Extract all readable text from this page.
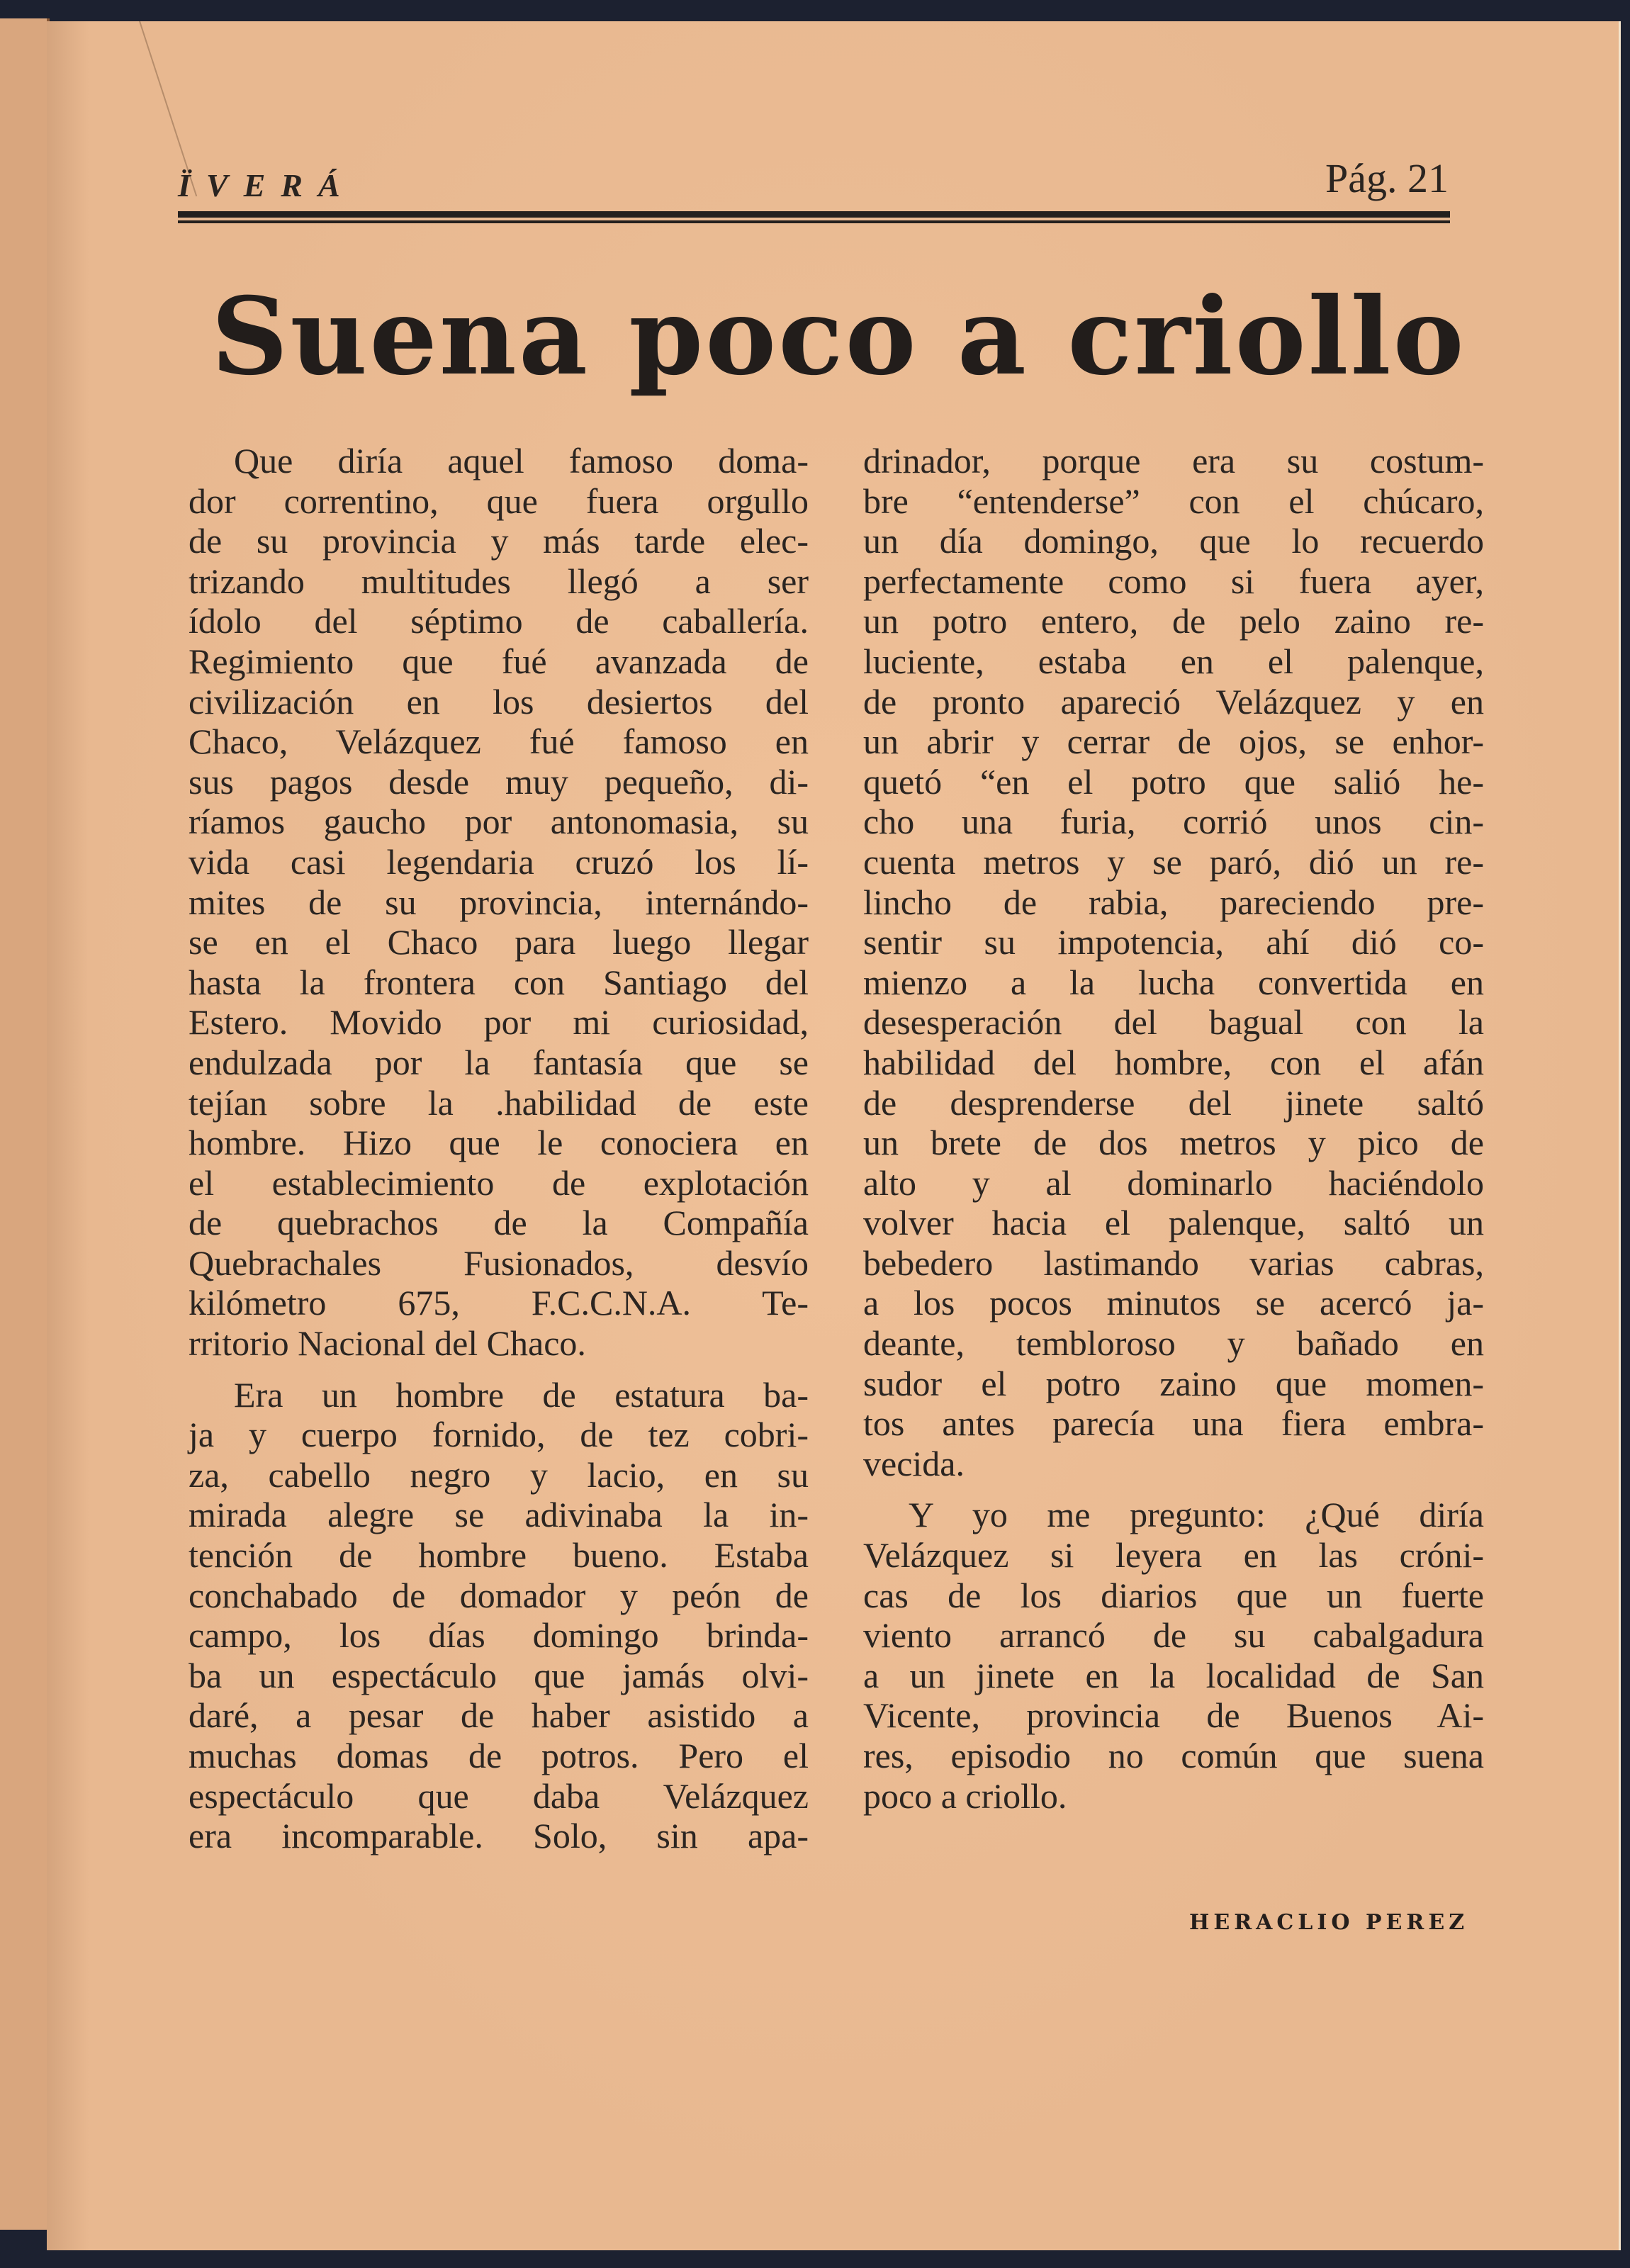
ÏVERÁ	Pág. 21
Suena poco a criollo
Que diría aquel famoso doma-
dor correntino, que fuera orgullo
de su provincia y más tarde elec-
trizando multitudes llegó a ser
ídolo del séptimo de caballería.
Regimiento que fué avanzada de
civilización en los desiertos del
Chaco, Velázquez fué famoso en
sus pagos desde muy pequeño, di-
ríamos gaucho por antonomasia, su
vida casi legendaria cruzó los lí-
mites de su provincia, internándo-
se en el Chaco para luego llegar
hasta la frontera con Santiago del
Estero. Movido por mi curiosidad,
endulzada por la fantasía que se
tejían sobre la .habilidad de este
hombre. Hizo que le conociera en
el establecimiento de explotación
de quebrachos de la Compañía
Quebrachales Fusionados, desvío
kilómetro 675, F.C.C.N.A. Te-
rritorio Nacional del Chaco.
Era un hombre de estatura ba-
ja y cuerpo fornido, de tez cobri-
za, cabello negro y lacio, en su
mirada alegre se adivinaba la in-
tención de hombre bueno. Estaba
conchabado de domador y peón de
campo, los días domingo brinda-
ba un espectáculo que jamás olvi-
daré, a pesar de haber asistido a
muchas domas de potros. Pero el
espectáculo que daba Velázquez
era incomparable. Solo, sin apa-
drinador, porque era su costum-
bre “entenderse” con el chúcaro,
un día domingo, que lo recuerdo
perfectamente como si fuera ayer,
un potro entero, de pelo zaino re-
luciente, estaba en el palenque,
de pronto apareció Velázquez y en
un abrir y cerrar de ojos, se enhor-
quetó “en el potro que salió he-
cho una furia, corrió unos cin-
cuenta metros y se paró, dió un re-
lincho de rabia, pareciendo pre-
sentir su impotencia, ahí dió co-
mienzo a la lucha convertida en
desesperación del bagual con la
habilidad del hombre, con el afán
de desprenderse del jinete saltó
un brete de dos metros y pico de
alto y al dominarlo haciéndolo
volver hacia el palenque, saltó un
bebedero lastimando varias cabras,
a los pocos minutos se acercó ja-
deante, tembloroso y bañado en
sudor el potro zaino que momen-
tos antes parecía una fiera embra-
vecida.
Y yo me pregunto: ¿Qué diría
Velázquez si leyera en las cróni-
cas de los diarios que un fuerte
viento arrancó de su cabalgadura
a un jinete en la localidad de San
Vicente, provincia de Buenos Ai-
res, episodio no común que suena
poco a criollo.
HERACLIO PEREZ
